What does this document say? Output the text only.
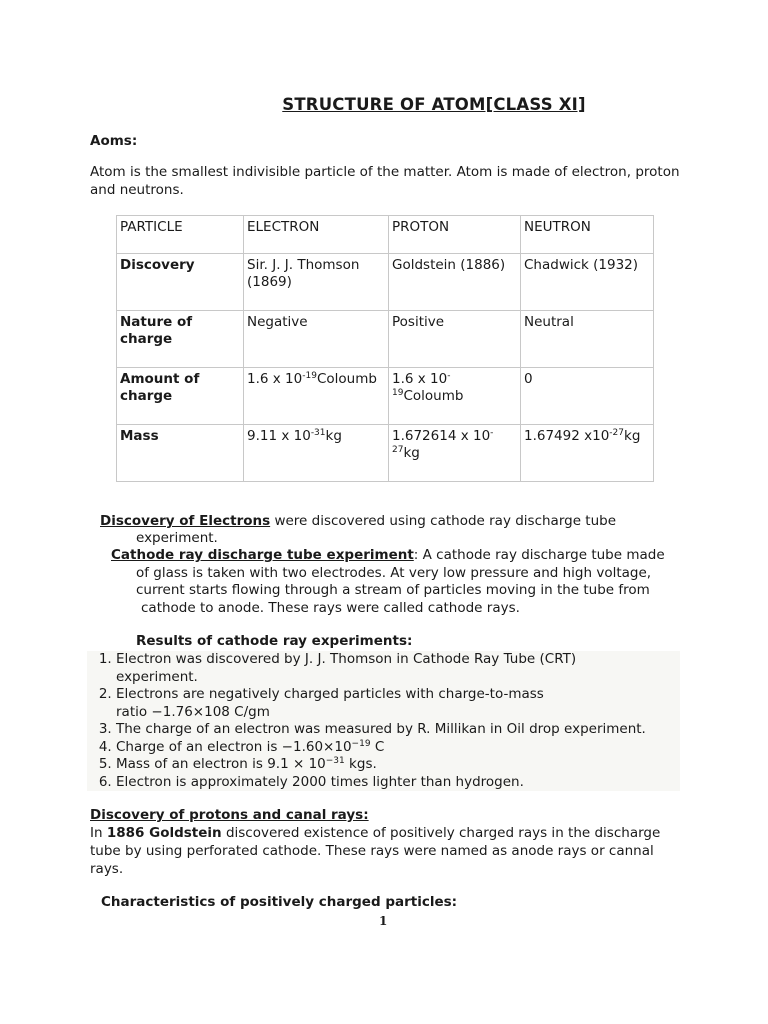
STRUCTURE OF ATOM[CLASS XI]
Aoms:
Atom is the smallest indivisible particle of the matter. Atom is made of electron, proton and neutrons.
PARTICLE	ELECTRON	PROTON	NEUTRON
Discovery	Sir. J. J. Thomson (1869)	Goldstein (1886)	Chadwick (1932)
Nature of charge	Negative	Positive	Neutral
Amount of charge	1.6 x $10^{-19}Coloumb$	1.6 x $10^{-19}Coloumb$	0
Mass	9.11 x $10^{-31}kg$	1.672614 x $10^{-27}kg$	1.67492 $x10^{-27}kg$
Discovery of Electrons were discovered using cathode ray discharge tube
experiment.
Cathode ray discharge tube experiment: A cathode ray discharge tube made
of glass is taken with two electrodes. At very low pressure and high voltage,
current starts flowing through a stream of particles moving in the tube from
cathode to anode. These rays were called cathode rays.
Results of cathode ray experiments:
1. Electron was discovered by J. J. Thomson in Cathode Ray Tube (CRT)
experiment.
2. Electrons are negatively charged particles with charge-to-mass
ratio −1.76×108 C/gm
3. The charge of an electron was measured by R. Millikan in Oil drop experiment.
4. Charge of an electron is $-1.60\times 10^{-19}$ C
5. Mass of an electron is $9.1 \times 10^{-31}$ kgs.
6. Electron is approximately 2000 times lighter than hydrogen.
Discovery of protons and canal rays:
In 1886 Goldstein discovered existence of positively charged rays in the discharge
tube by using perforated cathode. These rays were named as anode rays or cannal
rays.
Characteristics of positively charged particles:
1
